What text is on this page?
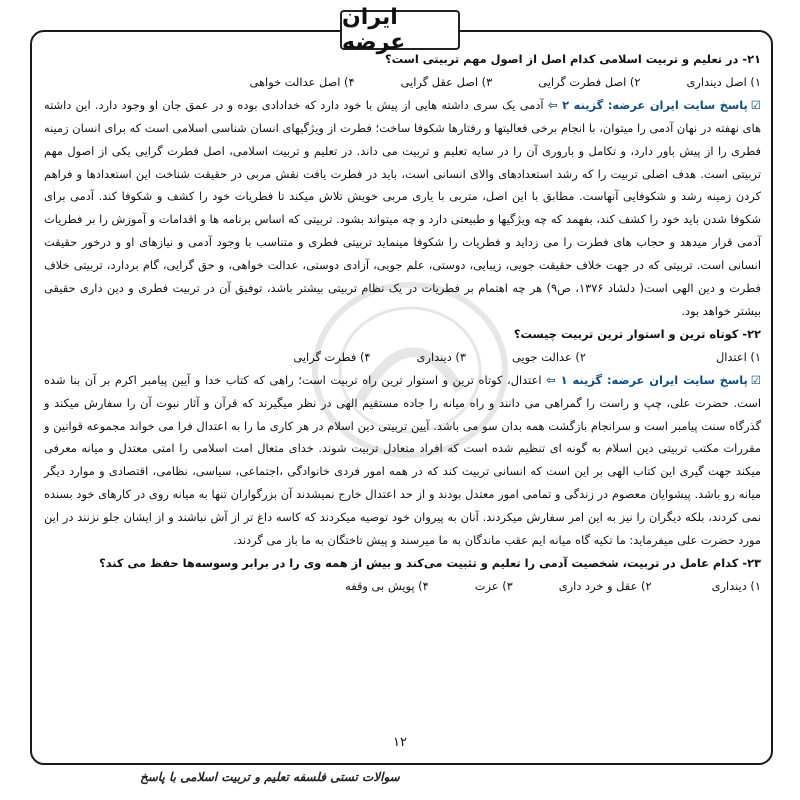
ایران عرضه

۲۱- در تعلیم و تربیت اسلامی کدام اصل از اصول مهم تربیتی است؟

۱) اصل دینداری
۲) اصل فطرت گرایی
۳) اصل عقل گرایی
۴) اصل عدالت خواهی

☑پاسخ سایت ایران عرضه: گزینه ۲ ⇦ آدمی یک سری داشته هایی از پیش با خود دارد که خدادادی بوده و در عمق جان او وجود دارد. این داشته های نهفته در نهان آدمی را میتوان، با انجام برخی فعالیتها و رفتارها شکوفا ساخت؛ فطرت از ویژگیهای انسان شناسی اسلامی است که برای انسان زمینه فطری را از پیش باور دارد، و تکامل و باروری آن را در سایه تعلیم و تربیت می داند. در تعلیم و تربیت اسلامی، اصل فطرت گرایی یکی از اصول مهم تربیتی است. هدف اصلی تربیت را که رشد استعدادهای والای انسانی است، باید در فطرت یافت نقش مربی در حقیقت شناخت این استعدادها و فراهم کردن زمینه رشد و شکوفایی آنهاست. مطابق با این اصل، متربی با یاری مربی خویش تلاش میکند تا فطریات خود را کشف و شکوفا کند. آدمی برای شکوفا شدن باید خود را کشف کند، بفهمد که چه ویژگیها و طبیعتی دارد و چه میتواند بشود. تربیتی که اساس برنامه ها و اقدامات و آموزش را بر فطریات آدمی قرار میدهد و حجاب های فطرت را می زداید و فطریات را شکوفا مینماید تربیتی فطری و متناسب با وجود آدمی و نیازهای او و درخور حقیقت انسانی است. تربیتی که در جهت خلاف حقیقت جویی، زیبایی، دوستی، علم جویی، آزادی دوستی، عدالت خواهی، و حق گرایی، گام بردارد، تربیتی خلاف فطرت و دین الهی است( دلشاد ۱۳۷۶، ص۹) هر چه اهتمام بر فطریات در یک نظام تربیتی بیشتر باشد، توفیق آن در تربیت فطری و دین داری حقیقی بیشتر خواهد بود.

۲۲- کوتاه ترین و استوار ترین تربیت چیست؟

۱) اعتدال
۲) عدالت جویی
۳) دینداری
۴) فطرت گرایی

☑پاسخ سایت ایران عرضه: گزینه ۱ ⇦ اعتدال، کوتاه ترین و استوار ترین راه تربیت است؛ راهی که کتاب خدا و آیین پیامبر اکرم بر آن بنا شده است. حضرت علی، چپ و راست را گمراهی می دانند و راه میانه را جاده مستقیم الهی در نظر میگیرند که قرآن و آثار نبوت آن را سفارش میکند و گذرگاه سنت پیامبر است و سرانجام بازگشت همه بدان سو می باشد. آیین تربیتی دین اسلام در هر کاری ما را به اعتدال فرا می خواند مجموعه قوانین و مقررات مکتب تربیتی دین اسلام به گونه ای تنظیم شده است که افراد متعادل تربیت شوند. خدای متعال امت اسلامی را امتی معتدل و میانه معرفی میکند جهت گیری این کتاب الهی بر این است که انسانی تربیت کند که در همه امور فردی خانوادگی ،اجتماعی، سیاسی، نظامی، اقتصادی و موارد دیگر میانه رو باشد. پیشوایان معصوم در زندگی و تمامی امور معتدل بودند و از حد اعتدال خارج نمیشدند آن بزرگواران تنها به میانه روی در کارهای خود بسنده نمی کردند، بلکه دیگران را نیز به این امر سفارش میکردند. آنان به پیروان خود توصیه میکردند که کاسه داغ تر از آش نباشند و از ایشان جلو نزنند در این مورد حضرت علی میفرماید: ما تکیه گاه میانه ایم عقب ماندگان به ما میرسند و پیش تاختگان به ما باز می گردند.

۲۳- کدام عامل در تربیت، شخصیت آدمی را تعلیم و تثبیت می‌کند و بیش از همه وی را در برابر وسوسه‌ها حفظ می کند؟

۱) دینداری
۲) عقل و خرد داری
۳) عزت
۴) پویش بی وقفه
۱۲
سوالات تستی فلسفه تعلیم و تربیت اسلامی با پاسخ
